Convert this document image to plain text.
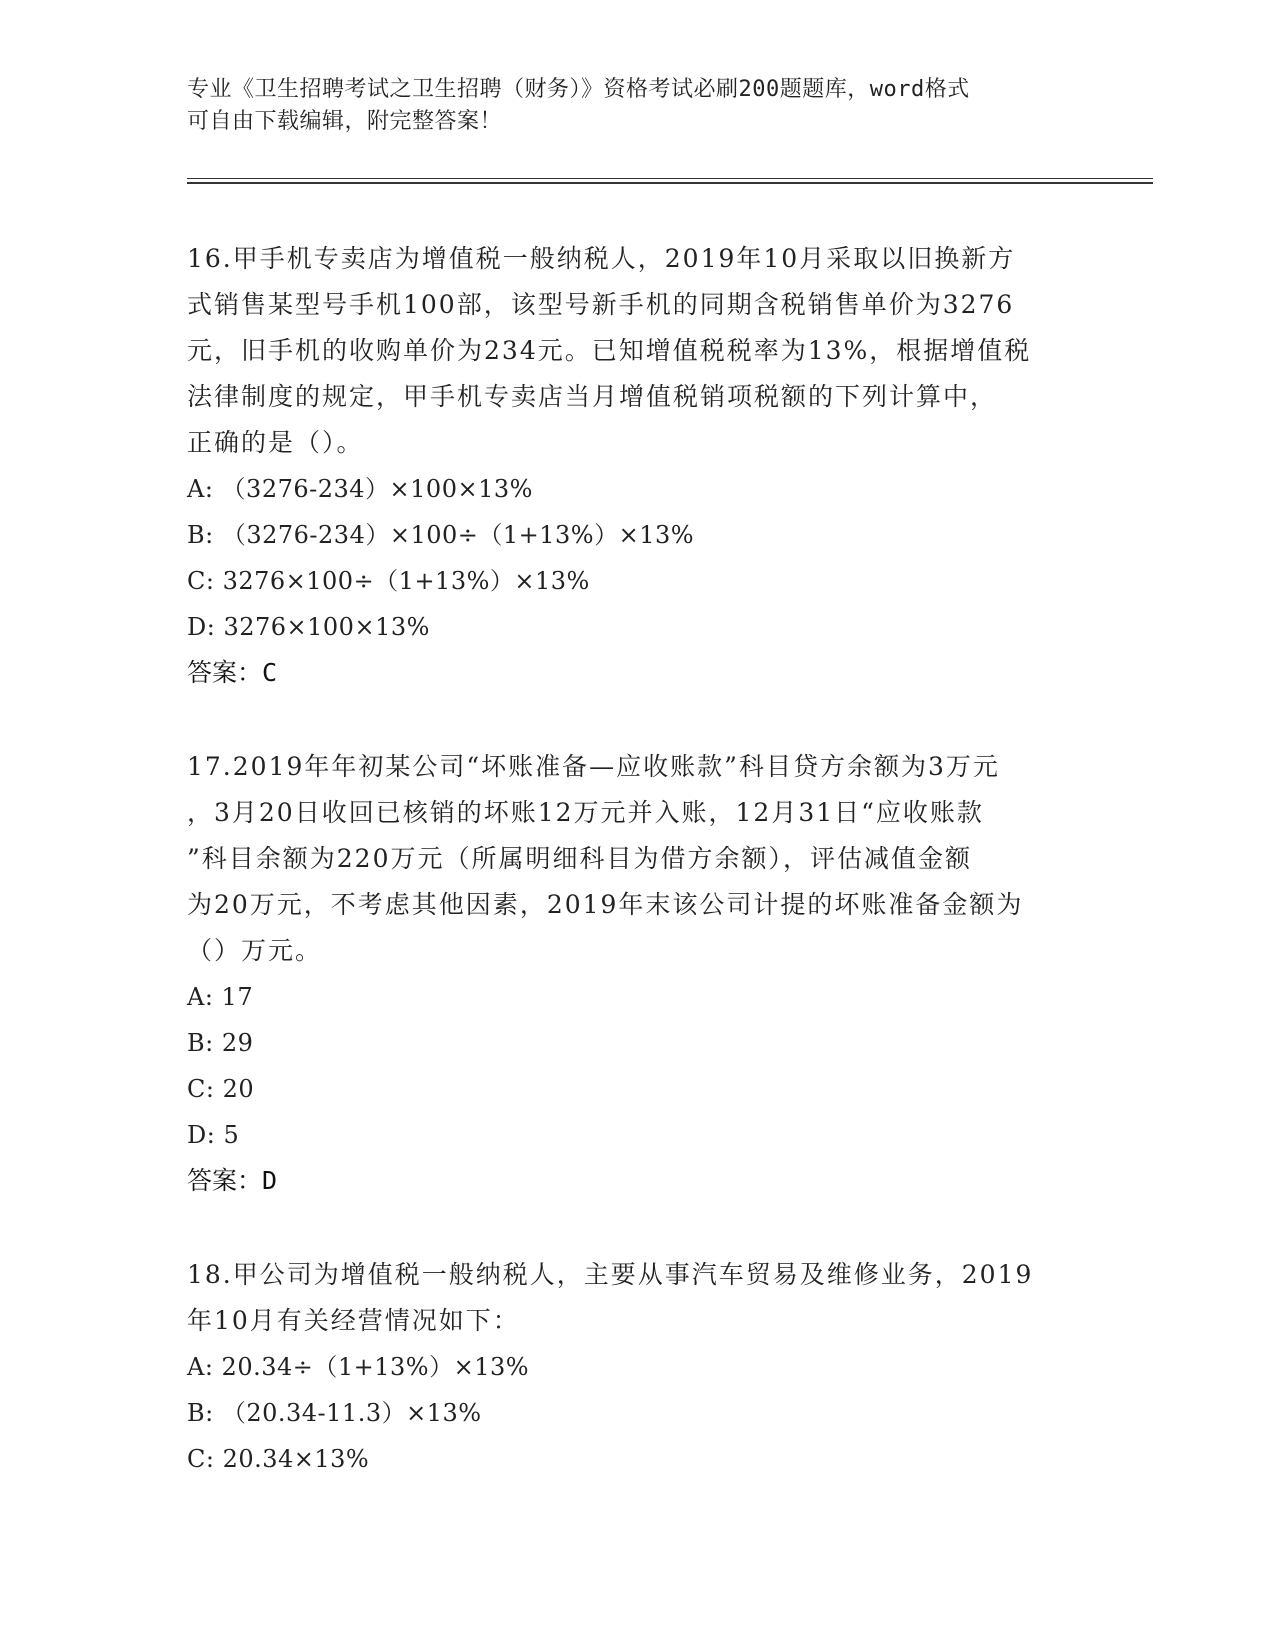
专业《卫生招聘考试之卫生招聘（财务）》资格考试必刷200题题库，word格式
可自由下载编辑，附完整答案！

16.甲手机专卖店为增值税一般纳税人，2019年10月采取以旧换新方

式销售某型号手机100部，该型号新手机的同期含税销售单价为3276

元，旧手机的收购单价为234元。已知增值税税率为13%，根据增值税

法律制度的规定，甲手机专卖店当月增值税销项税额的下列计算中，

正确的是（）。

A: （3276-234）×100×13%

B: （3276-234）×100÷（1+13%）×13%

C: 3276×100÷（1+13%）×13%

D: 3276×100×13%

答案：C

17.2019年年初某公司“坏账准备—应收账款”科目贷方余额为3万元

，3月20日收回已核销的坏账12万元并入账，12月31日“应收账款

”科目余额为220万元（所属明细科目为借方余额），评估减值金额

为20万元，不考虑其他因素，2019年末该公司计提的坏账准备金额为

（）万元。

A: 17

B: 29

C: 20

D: 5

答案：D

18.甲公司为增值税一般纳税人，主要从事汽车贸易及维修业务，2019

年10月有关经营情况如下：

A: 20.34÷（1+13%）×13%

B: （20.34-11.3）×13%

C: 20.34×13%
